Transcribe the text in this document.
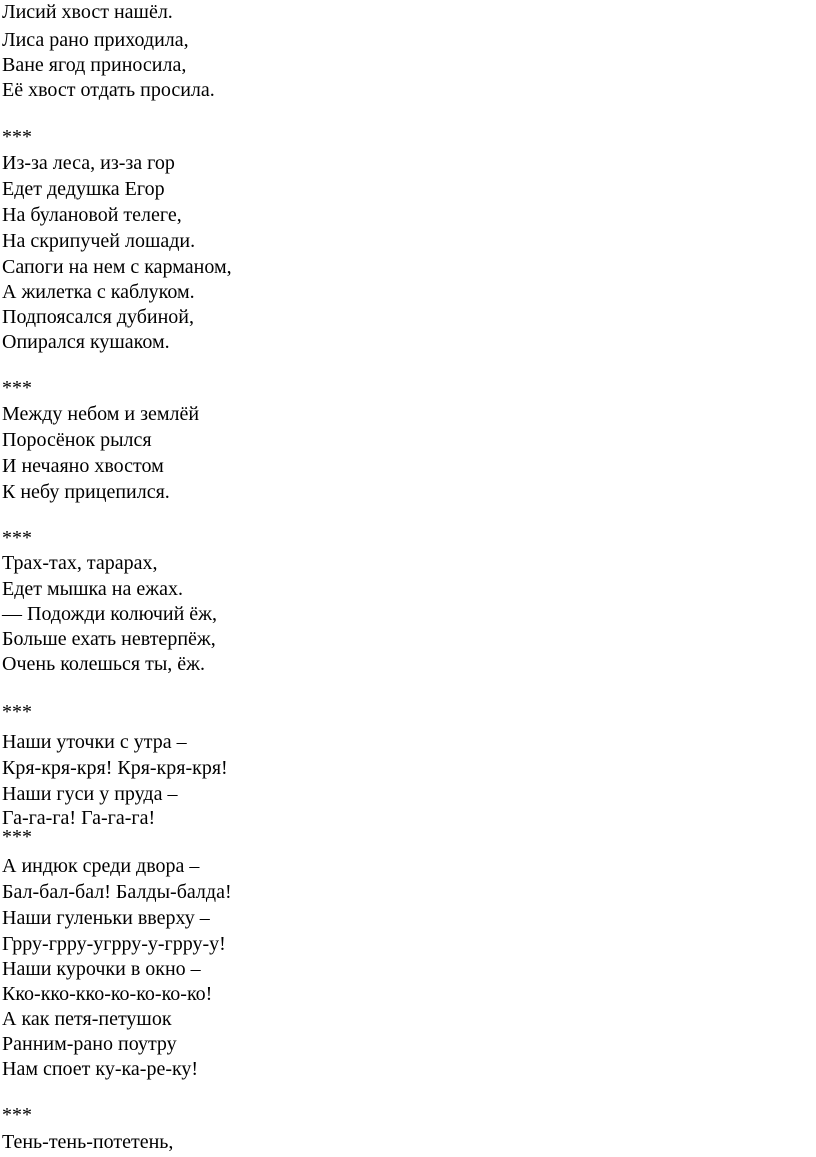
Лисий хвост нашёл.
Лиса рано приходила,
Ване ягод приносила,
Её хвост отдать просила.
***
Из-за леса, из-за гор
Едет дедушка Егор
На булановой телеге,
На скрипучей лошади.
Сапоги на нем с карманом,
А жилетка с каблуком.
Подпоясался дубиной,
Опирался кушаком.
***
Между небом и землёй
Поросёнок рылся
И нечаяно хвостом
К небу прицепился.
***
Трах-тах, тарарах,
Едет мышка на ежах.
— Подожди колючий ёж,
Больше ехать невтерпёж,
Очень колешься ты, ёж.
***
Наши уточки с утра –
Кря-кря-кря! Кря-кря-кря!
Наши гуси у пруда –
Га-га-га! Га-га-га!
***
А индюк среди двора –
Бал-бал-бал! Балды-балда!
Наши гуленьки вверху –
Грру-грру-угрру-у-грру-у!
Наши курочки в окно –
Кко-кко-кко-ко-ко-ко-ко!
А как петя-петушок
Ранним-рано поутру
Нам споет ку-ка-ре-ку!
***
Тень-тень-потетень,
